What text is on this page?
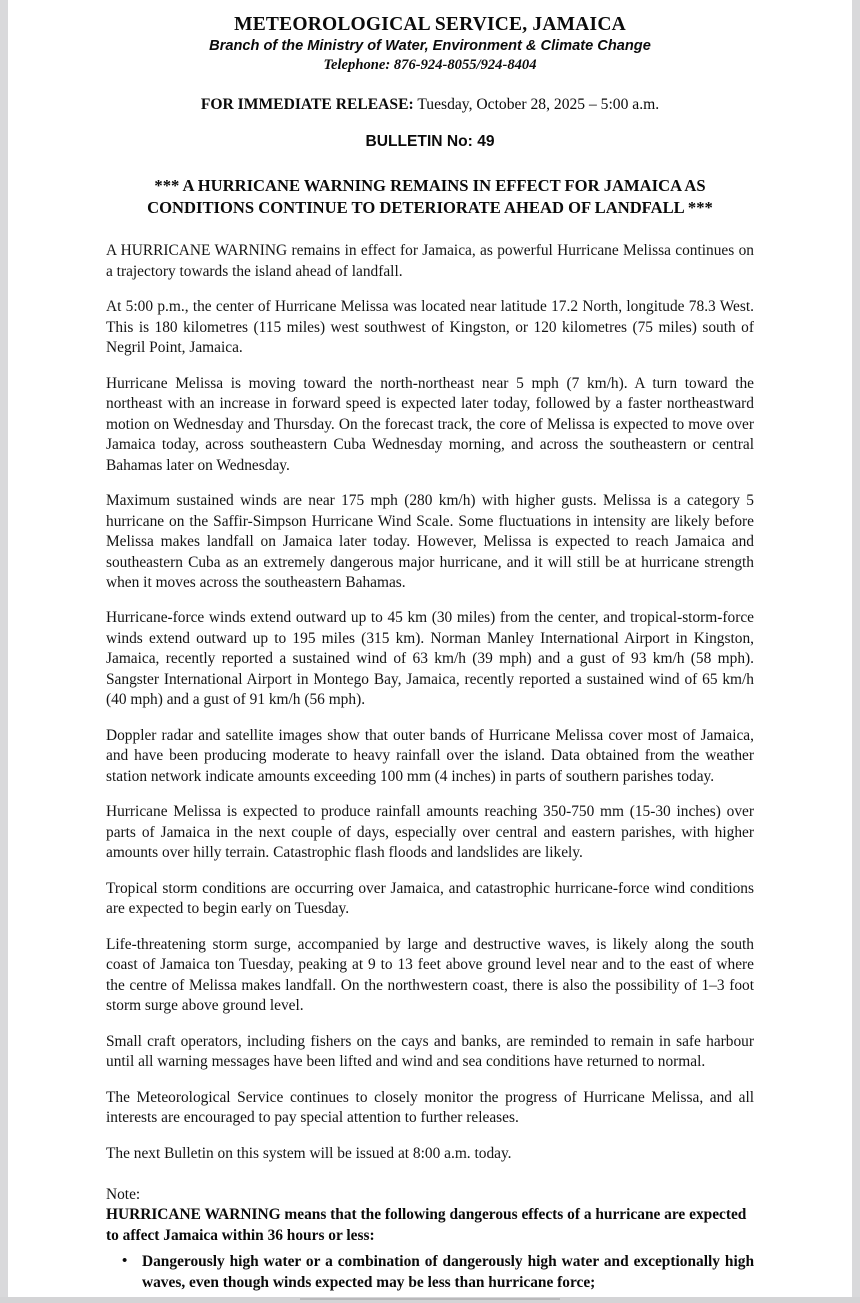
METEOROLOGICAL SERVICE, JAMAICA
Branch of the Ministry of Water, Environment & Climate Change
Telephone: 876-924-8055/924-8404
FOR IMMEDIATE RELEASE: Tuesday, October 28, 2025 – 5:00 a.m.
BULLETIN No: 49
*** A HURRICANE WARNING REMAINS IN EFFECT FOR JAMAICA AS CONDITIONS CONTINUE TO DETERIORATE AHEAD OF LANDFALL ***

A HURRICANE WARNING remains in effect for Jamaica, as powerful Hurricane Melissa continues on a trajectory towards the island ahead of landfall.

At 5:00 p.m., the center of Hurricane Melissa was located near latitude 17.2 North, longitude 78.3 West. This is 180 kilometres (115 miles) west southwest of Kingston, or 120 kilometres (75 miles) south of Negril Point, Jamaica.

Hurricane Melissa is moving toward the north-northeast near 5 mph (7 km/h). A turn toward the northeast with an increase in forward speed is expected later today, followed by a faster northeastward motion on Wednesday and Thursday. On the forecast track, the core of Melissa is expected to move over Jamaica today, across southeastern Cuba Wednesday morning, and across the southeastern or central Bahamas later on Wednesday.

Maximum sustained winds are near 175 mph (280 km/h) with higher gusts. Melissa is a category 5 hurricane on the Saffir-Simpson Hurricane Wind Scale. Some fluctuations in intensity are likely before Melissa makes landfall on Jamaica later today. However, Melissa is expected to reach Jamaica and southeastern Cuba as an extremely dangerous major hurricane, and it will still be at hurricane strength when it moves across the southeastern Bahamas.

Hurricane-force winds extend outward up to 45 km (30 miles) from the center, and tropical-storm-force winds extend outward up to 195 miles (315 km). Norman Manley International Airport in Kingston, Jamaica, recently reported a sustained wind of 63 km/h (39 mph) and a gust of 93 km/h (58 mph). Sangster International Airport in Montego Bay, Jamaica, recently reported a sustained wind of 65 km/h (40 mph) and a gust of 91 km/h (56 mph).

Doppler radar and satellite images show that outer bands of Hurricane Melissa cover most of Jamaica, and have been producing moderate to heavy rainfall over the island. Data obtained from the weather station network indicate amounts exceeding 100 mm (4 inches) in parts of southern parishes today.

Hurricane Melissa is expected to produce rainfall amounts reaching 350-750 mm (15-30 inches) over parts of Jamaica in the next couple of days, especially over central and eastern parishes, with higher amounts over hilly terrain. Catastrophic flash floods and landslides are likely.

Tropical storm conditions are occurring over Jamaica, and catastrophic hurricane-force wind conditions are expected to begin early on Tuesday.

Life-threatening storm surge, accompanied by large and destructive waves, is likely along the south coast of Jamaica ton Tuesday, peaking at 9 to 13 feet above ground level near and to the east of where the centre of Melissa makes landfall. On the northwestern coast, there is also the possibility of 1–3 foot storm surge above ground level.

Small craft operators, including fishers on the cays and banks, are reminded to remain in safe harbour until all warning messages have been lifted and wind and sea conditions have returned to normal.

The Meteorological Service continues to closely monitor the progress of Hurricane Melissa, and all interests are encouraged to pay special attention to further releases.

The next Bulletin on this system will be issued at 8:00 a.m. today.

Note:

HURRICANE WARNING means that the following dangerous effects of a hurricane are expected to affect Jamaica within 36 hours or less:

• Dangerously high water or a combination of dangerously high water and exceptionally high waves, even though winds expected may be less than hurricane force;
